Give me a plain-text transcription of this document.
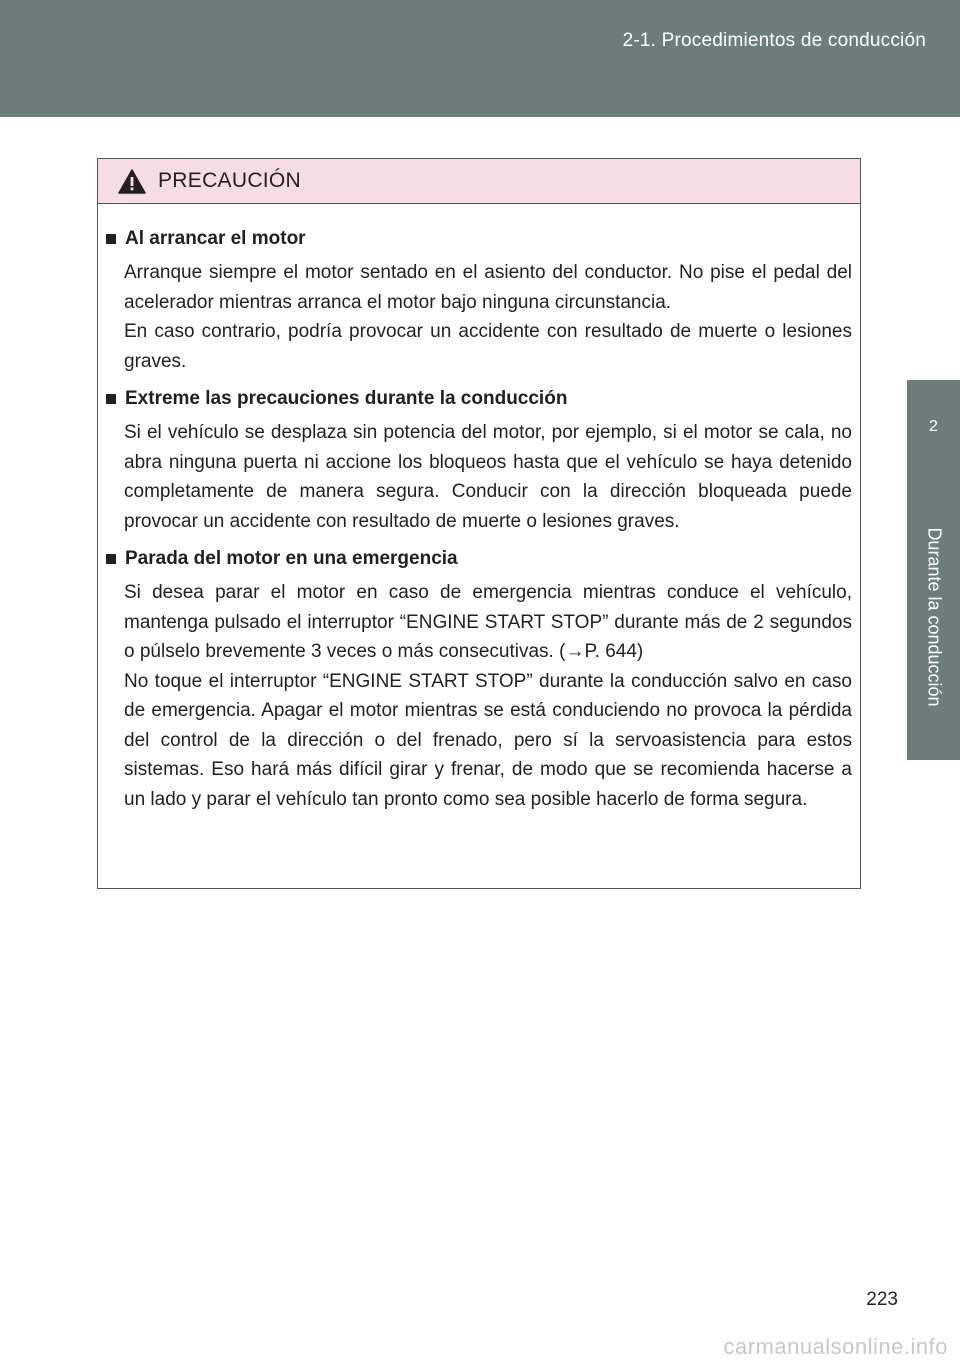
2-1. Procedimientos de conducción
2
Durante la conducción
PRECAUCIÓN
Al arrancar el motor

Arranque siempre el motor sentado en el asiento del conductor. No pise el pedal del acelerador mientras arranca el motor bajo ninguna circunstancia.

En caso contrario, podría provocar un accidente con resultado de muerte o lesiones graves.

Extreme las precauciones durante la conducción

Si el vehículo se desplaza sin potencia del motor, por ejemplo, si el motor se cala, no abra ninguna puerta ni accione los bloqueos hasta que el vehículo se haya detenido completamente de manera segura. Conducir con la dirección bloqueada puede provocar un accidente con resultado de muerte o lesiones graves.

Parada del motor en una emergencia

Si desea parar el motor en caso de emergencia mientras conduce el vehículo, mantenga pulsado el interruptor “ENGINE START STOP” durante más de 2 segundos o púlselo brevemente 3 veces o más consecutivas. (→P. 644)

No toque el interruptor “ENGINE START STOP” durante la conducción salvo en caso de emergencia. Apagar el motor mientras se está conduciendo no provoca la pérdida del control de la dirección o del frenado, pero sí la servoasistencia para estos sistemas. Eso hará más difícil girar y frenar, de modo que se recomienda hacerse a un lado y parar el vehículo tan pronto como sea posible hacerlo de forma segura.

223
carmanualsonline.info
